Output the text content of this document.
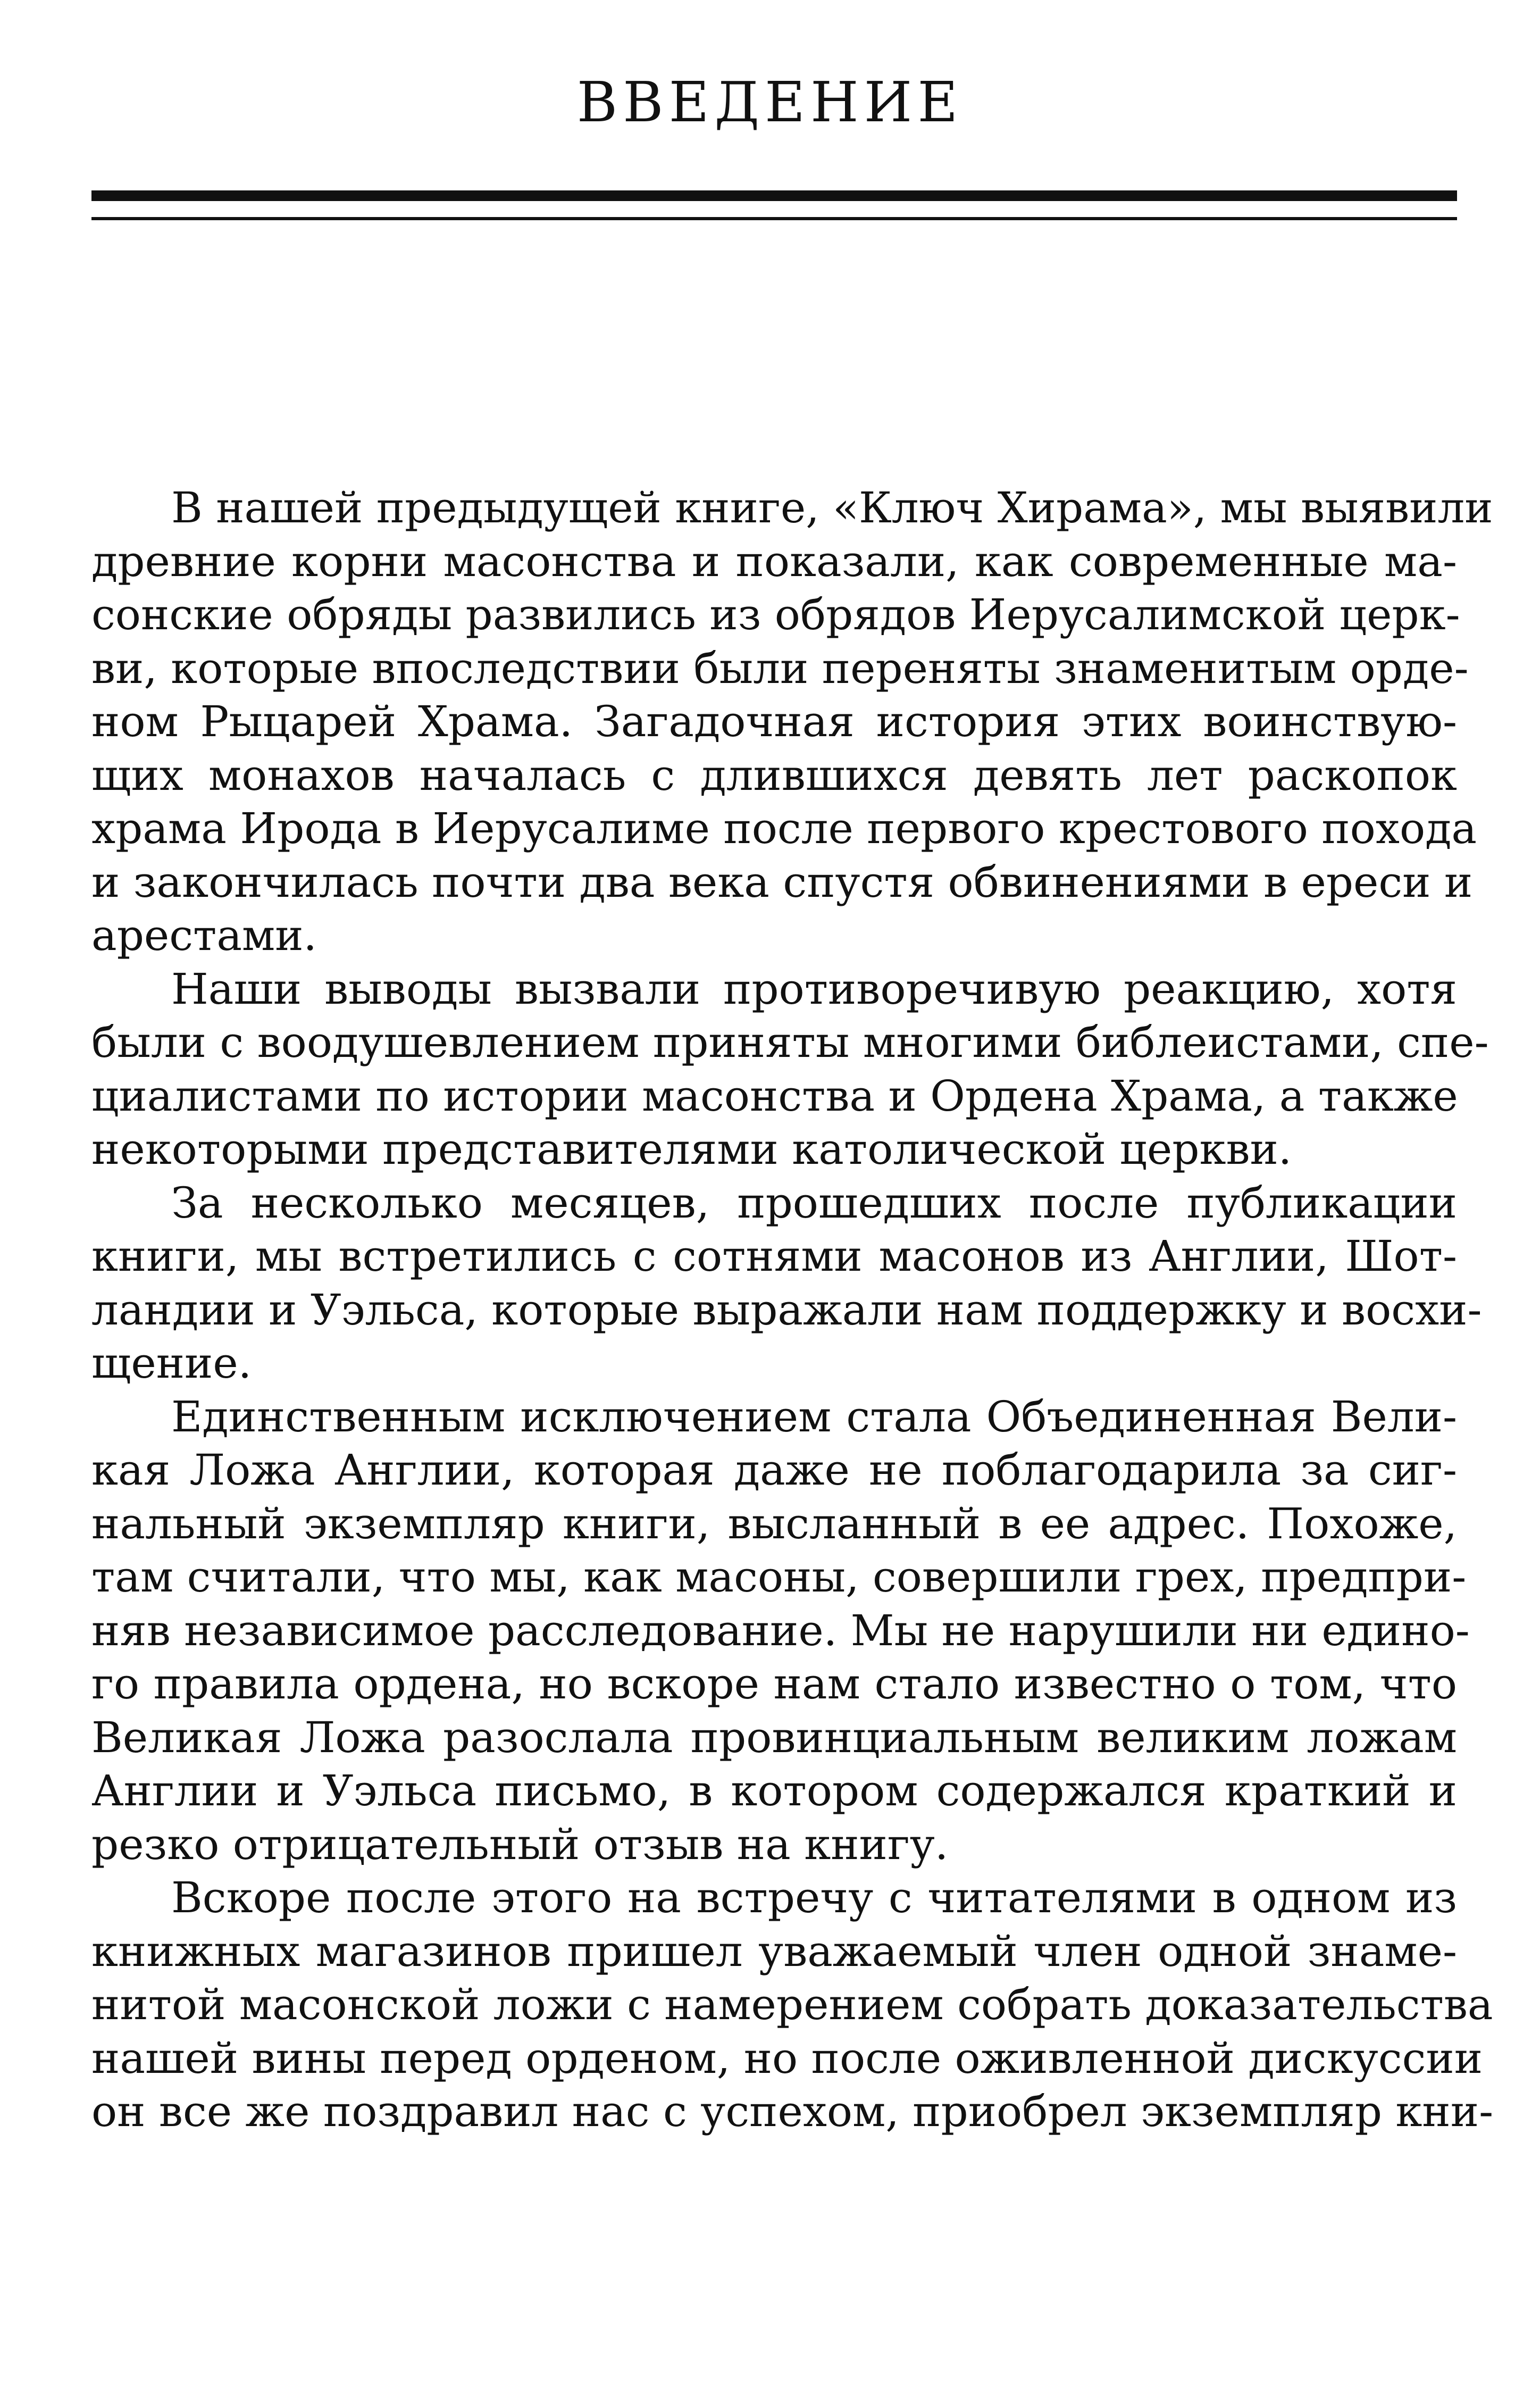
ВВЕДЕНИЕ
В нашей предыдущей книге, «Ключ Хирама», мы выявили
древние корни масонства и показали, как современные ма-
сонские обряды развились из обрядов Иерусалимской церк-
ви, которые впоследствии были переняты знаменитым орде-
ном Рыцарей Храма. Загадочная история этих воинствую-
щих монахов началась с длившихся девять лет раскопок
храма Ирода в Иерусалиме после первого крестового похода
и закончилась почти два века спустя обвинениями в ереси и
арестами.
Наши выводы вызвали противоречивую реакцию, хотя
были с воодушевлением приняты многими библеистами, спе-
циалистами по истории масонства и Ордена Храма, а также
некоторыми представителями католической церкви.
За несколько месяцев, прошедших после публикации
книги, мы встретились с сотнями масонов из Англии, Шот-
ландии и Уэльса, которые выражали нам поддержку и восхи-
щение.
Единственным исключением стала Объединенная Вели-
кая Ложа Англии, которая даже не поблагодарила за сиг-
нальный экземпляр книги, высланный в ее адрес. Похоже,
там считали, что мы, как масоны, совершили грех, предпри-
няв независимое расследование. Мы не нарушили ни едино-
го правила ордена, но вскоре нам стало известно о том, что
Великая Ложа разослала провинциальным великим ложам
Англии и Уэльса письмо, в котором содержался краткий и
резко отрицательный отзыв на книгу.
Вскоре после этого на встречу с читателями в одном из
книжных магазинов пришел уважаемый член одной знаме-
нитой масонской ложи с намерением собрать доказательства
нашей вины перед орденом, но после оживленной дискуссии
он все же поздравил нас с успехом, приобрел экземпляр кни-
